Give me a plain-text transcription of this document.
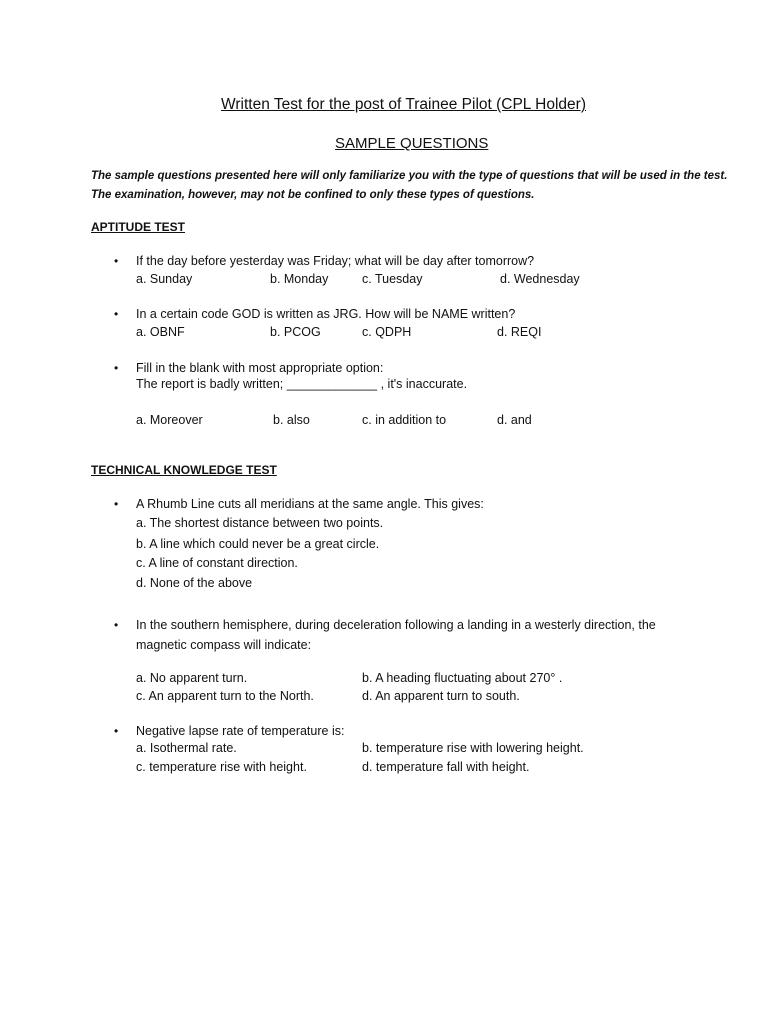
Written Test for the post of Trainee Pilot (CPL Holder)
SAMPLE QUESTIONS
The sample questions presented here will only familiarize you with the type of questions that will be used in the test. The examination, however, may not be confined to only these types of questions.
APTITUDE TEST
• If the day before yesterday was Friday; what will be day after tomorrow?
a. Sunday	b. Monday	c. Tuesday	d. Wednesday
• In a certain code GOD is written as JRG. How will be NAME written?
a. OBNF	b. PCOG	c. QDPH	d. REQI
• Fill in the blank with most appropriate option:
The report is badly written; _____________ , it's inaccurate.
a. Moreover	b. also	c. in addition to	d. and
TECHNICAL KNOWLEDGE TEST
• A Rhumb Line cuts all meridians at the same angle. This gives:
a. The shortest distance between two points.
b. A line which could never be a great circle.
c. A line of constant direction.
d. None of the above
• In the southern hemisphere, during deceleration following a landing in a westerly direction, the
magnetic compass will indicate:
a. No apparent turn.	b. A heading fluctuating about 270° .
c. An apparent turn to the North.	d. An apparent turn to south.
• Negative lapse rate of temperature is:
a. Isothermal rate.	b. temperature rise with lowering height.
c. temperature rise with height.	d. temperature fall with height.
